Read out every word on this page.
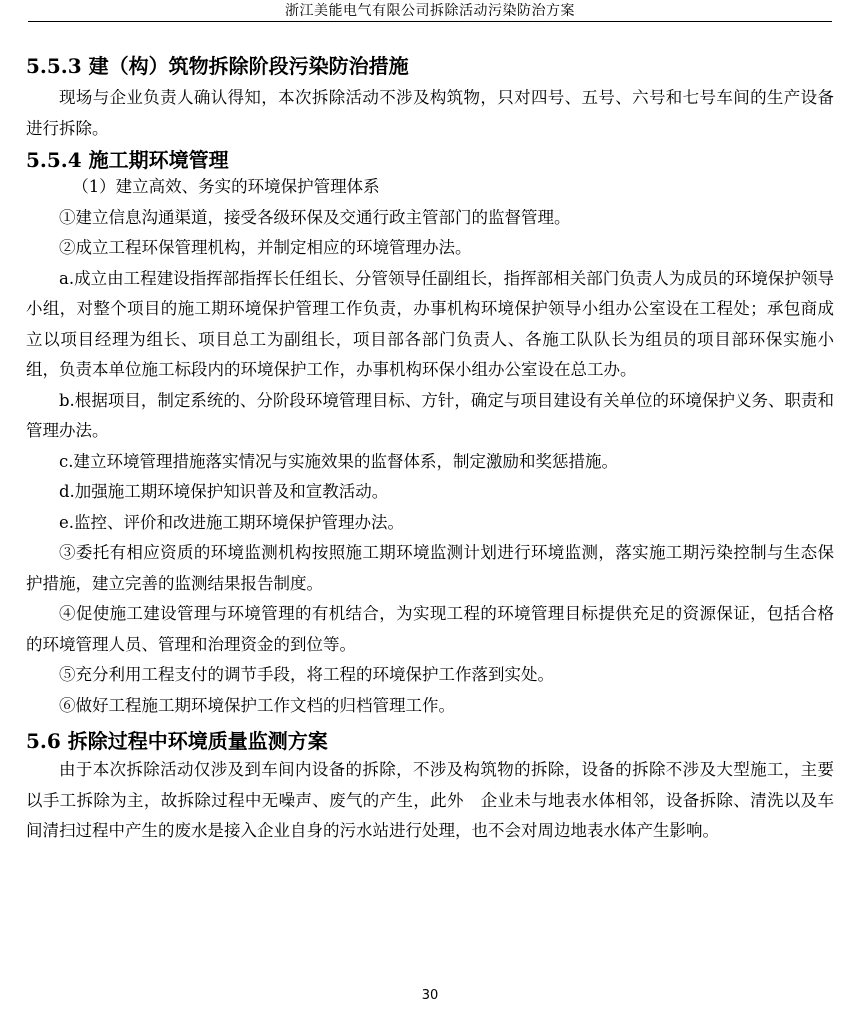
浙江美能电气有限公司拆除活动污染防治方案
5.5.3 建（构）筑物拆除阶段污染防治措施

现场与企业负责人确认得知，本次拆除活动不涉及构筑物，只对四号、五号、六号和七号车间的生产设备进行拆除。

5.5.4 施工期环境管理

（1）建立高效、务实的环境保护管理体系

①建立信息沟通渠道，接受各级环保及交通行政主管部门的监督管理。

②成立工程环保管理机构，并制定相应的环境管理办法。

a.成立由工程建设指挥部指挥长任组长、分管领导任副组长，指挥部相关部门负责人为成员的环境保护领导小组，对整个项目的施工期环境保护管理工作负责，办事机构环境保护领导小组办公室设在工程处；承包商成立以项目经理为组长、项目总工为副组长，项目部各部门负责人、各施工队队长为组员的项目部环保实施小组，负责本单位施工标段内的环境保护工作，办事机构环保小组办公室设在总工办。

b.根据项目，制定系统的、分阶段环境管理目标、方针，确定与项目建设有关单位的环境保护义务、职责和管理办法。

c.建立环境管理措施落实情况与实施效果的监督体系，制定激励和奖惩措施。

d.加强施工期环境保护知识普及和宣教活动。

e.监控、评价和改进施工期环境保护管理办法。

③委托有相应资质的环境监测机构按照施工期环境监测计划进行环境监测，落实施工期污染控制与生态保护措施，建立完善的监测结果报告制度。

④促使施工建设管理与环境管理的有机结合，为实现工程的环境管理目标提供充足的资源保证，包括合格的环境管理人员、管理和治理资金的到位等。

⑤充分利用工程支付的调节手段，将工程的环境保护工作落到实处。

⑥做好工程施工期环境保护工作文档的归档管理工作。

5.6 拆除过程中环境质量监测方案

由于本次拆除活动仅涉及到车间内设备的拆除，不涉及构筑物的拆除，设备的拆除不涉及大型施工，主要以手工拆除为主，故拆除过程中无噪声、废气的产生，此外　企业未与地表水体相邻，设备拆除、清洗以及车间清扫过程中产生的废水是接入企业自身的污水站进行处理，也不会对周边地表水体产生影响。

30
